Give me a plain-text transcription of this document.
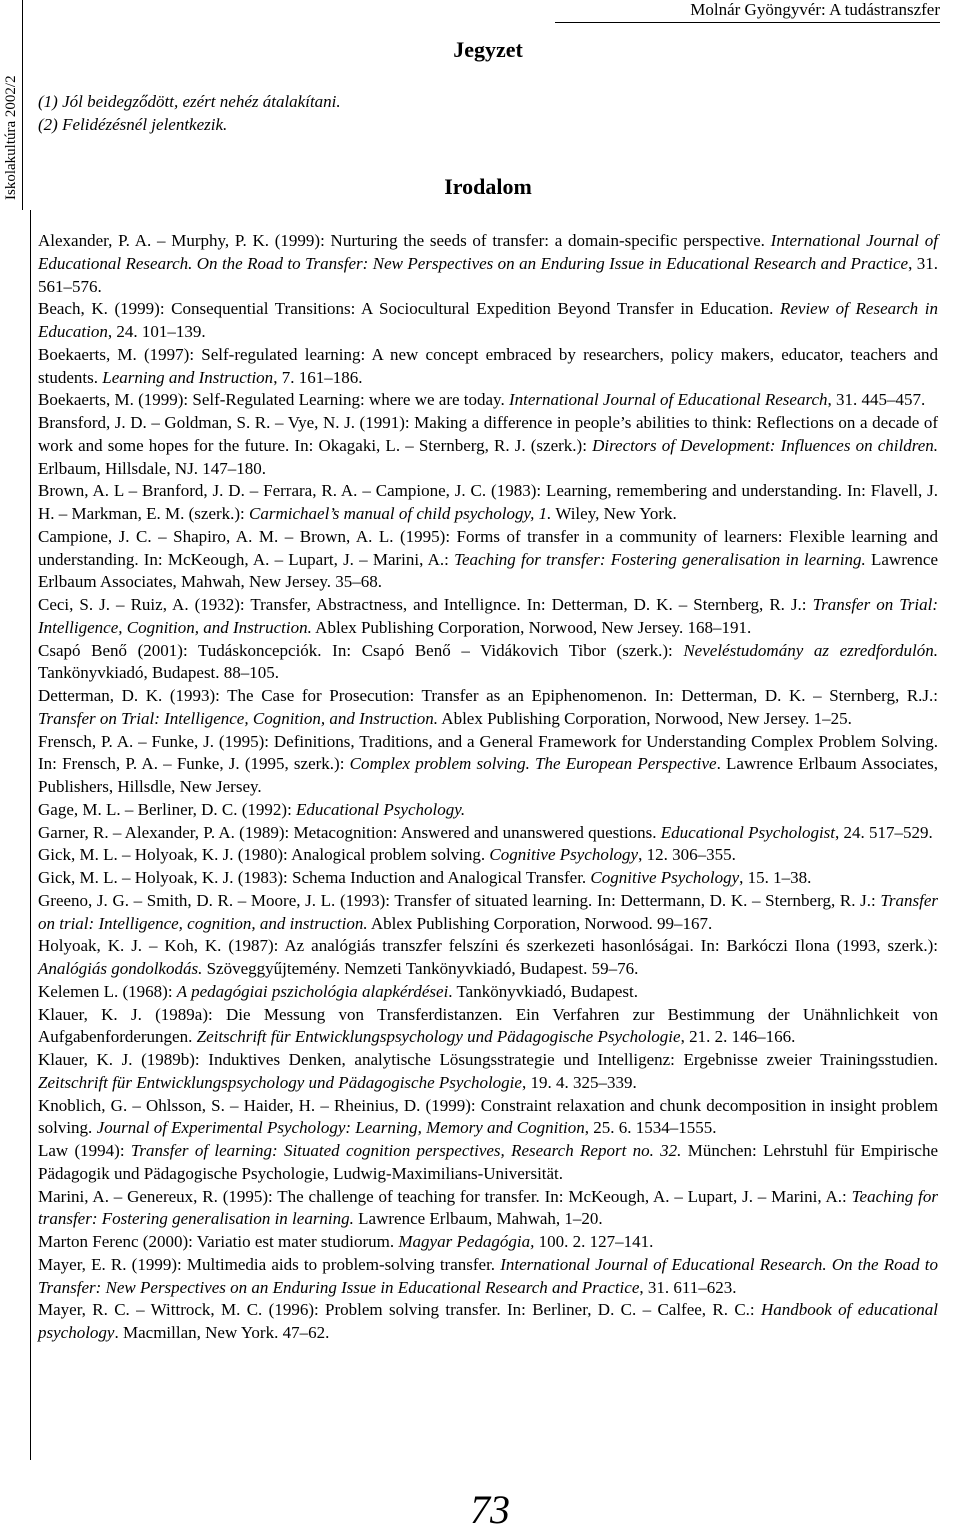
Iskolakultúra 2002/2
Molnár Gyöngyvér: A tudástranszfer
Jegyzet
(1) Jól beidegződött, ezért nehéz átalakítani.
(2) Felidézésnél jelentkezik.
Irodalom

Alexander, P. A. – Murphy, P. K. (1999): Nurturing the seeds of transfer: a domain-specific perspective. International Journal of Educational Research. On the Road to Transfer: New Perspectives on an Enduring Issue in Educational Research and Practice, 31. 561–576.

Beach, K. (1999): Consequential Transitions: A Sociocultural Expedition Beyond Transfer in Education. Review of Research in Education, 24. 101–139.

Boekaerts, M. (1997): Self-regulated learning: A new concept embraced by researchers, policy makers, educator, teachers and students. Learning and Instruction, 7. 161–186.

Boekaerts, M. (1999): Self-Regulated Learning: where we are today. International Journal of Educational Research, 31. 445–457.

Bransford, J. D. – Goldman, S. R. – Vye, N. J. (1991): Making a difference in people’s abilities to think: Reflections on a decade of work and some hopes for the future. In: Okagaki, L. – Sternberg, R. J. (szerk.): Directors of Development: Influences on children. Erlbaum, Hillsdale, NJ. 147–180.

Brown, A. L – Branford, J. D. – Ferrara, R. A. – Campione, J. C. (1983): Learning, remembering and understanding. In: Flavell, J. H. – Markman, E. M. (szerk.): Carmichael’s manual of child psychology, 1. Wiley, New York.

Campione, J. C. – Shapiro, A. M. – Brown, A. L. (1995): Forms of transfer in a community of learners: Flexible learning and understanding. In: McKeough, A. – Lupart, J. – Marini, A.: Teaching for transfer: Fostering generalisation in learning. Lawrence Erlbaum Associates, Mahwah, New Jersey. 35–68.

Ceci, S. J. – Ruiz, A. (1932): Transfer, Abstractness, and Intellignce. In: Detterman, D. K. – Sternberg, R. J.: Transfer on Trial: Intelligence, Cognition, and Instruction. Ablex Publishing Corporation, Norwood, New Jersey. 168–191.

Csapó Benő (2001): Tudáskoncepciók. In: Csapó Benő – Vidákovich Tibor (szerk.): Neveléstudomány az ezredfordulón. Tankönyvkiadó, Budapest. 88–105.

Detterman, D. K. (1993): The Case for Prosecution: Transfer as an Epiphenomenon. In: Detterman, D. K. – Sternberg, R.J.: Transfer on Trial: Intelligence, Cognition, and Instruction. Ablex Publishing Corporation, Norwood, New Jersey. 1–25.

Frensch, P. A. – Funke, J. (1995): Definitions, Traditions, and a General Framework for Understanding Complex Problem Solving. In: Frensch, P. A. – Funke, J. (1995, szerk.): Complex problem solving. The European Perspective. Lawrence Erlbaum Associates, Publishers, Hillsdle, New Jersey.

Gage, M. L. – Berliner, D. C. (1992): Educational Psychology.

Garner, R. – Alexander, P. A. (1989): Metacognition: Answered and unanswered questions. Educational Psychologist, 24. 517–529.

Gick, M. L. – Holyoak, K. J. (1980): Analogical problem solving. Cognitive Psychology, 12. 306–355.

Gick, M. L. – Holyoak, K. J. (1983): Schema Induction and Analogical Transfer. Cognitive Psychology, 15. 1–38.

Greeno, J. G. – Smith, D. R. – Moore, J. L. (1993): Transfer of situated learning. In: Dettermann, D. K. – Sternberg, R. J.: Transfer on trial: Intelligence, cognition, and instruction. Ablex Publishing Corporation, Norwood. 99–167.

Holyoak, K. J. – Koh, K. (1987): Az analógiás transzfer felszíni és szerkezeti hasonlóságai. In: Barkóczi Ilona (1993, szerk.): Analógiás gondolkodás. Szöveggyűjtemény. Nemzeti Tankönyvkiadó, Budapest. 59–76.

Kelemen L. (1968): A pedagógiai pszichológia alapkérdései. Tankönyvkiadó, Budapest.

Klauer, K. J. (1989a): Die Messung von Transferdistanzen. Ein Verfahren zur Bestimmung der Unähnlichkeit von Aufgabenforderungen. Zeitschrift für Entwicklungspsychology und Pädagogische Psychologie, 21. 2. 146–166.

Klauer, K. J. (1989b): Induktives Denken, analytische Lösungsstrategie und Intelligenz: Ergebnisse zweier Trainingsstudien. Zeitschrift für Entwicklungspsychology und Pädagogische Psychologie, 19. 4. 325–339.

Knoblich, G. – Ohlsson, S. – Haider, H. – Rheinius, D. (1999): Constraint relaxation and chunk decomposition in insight problem solving. Journal of Experimental Psychology: Learning, Memory and Cognition, 25. 6. 1534–1555.

Law (1994): Transfer of learning: Situated cognition perspectives, Research Report no. 32. München: Lehrstuhl für Empirische Pädagogik und Pädagogische Psychologie, Ludwig-Maximilians-Universität.

Marini, A. – Genereux, R. (1995): The challenge of teaching for transfer. In: McKeough, A. – Lupart, J. – Marini, A.: Teaching for transfer: Fostering generalisation in learning. Lawrence Erlbaum, Mahwah, 1–20.

Marton Ferenc (2000): Variatio est mater studiorum. Magyar Pedagógia, 100. 2. 127–141.

Mayer, E. R. (1999): Multimedia aids to problem-solving transfer. International Journal of Educational Research. On the Road to Transfer: New Perspectives on an Enduring Issue in Educational Research and Practice, 31. 611–623.

Mayer, R. C. – Wittrock, M. C. (1996): Problem solving transfer. In: Berliner, D. C. – Calfee, R. C.: Handbook of educational psychology. Macmillan, New York. 47–62.

73
